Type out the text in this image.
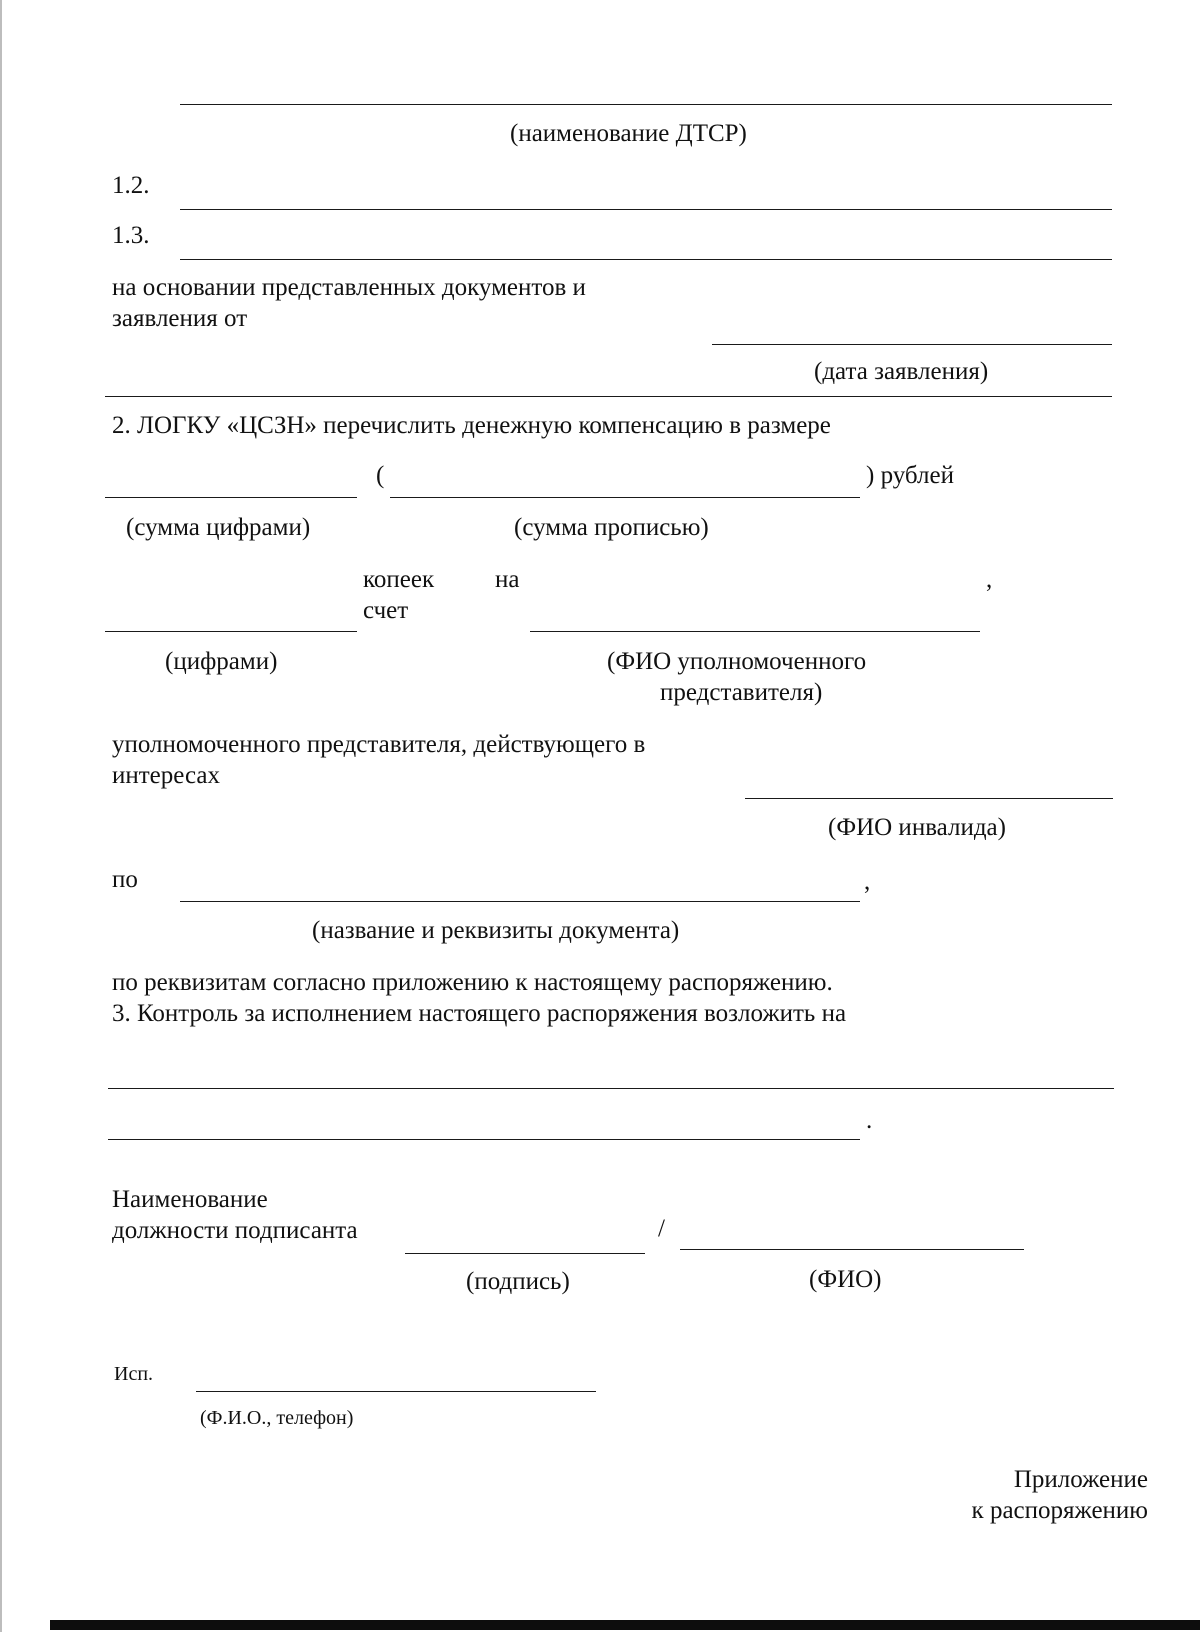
(наименование ДТСР)
1.2.
1.3.
на основании представленных документов и
заявления от
(дата заявления)
2. ЛОГКУ «ЦСЗН» перечислить денежную компенсацию в размере
(	) рублей
(сумма цифрами)	(сумма прописью)
копеек на
счет
,
(цифрами)	(ФИО уполномоченного
представителя)
уполномоченного представителя, действующего в
интересах
(ФИО инвалида)
по	,
(название и реквизиты документа)
по реквизитам согласно приложению к настоящему распоряжению.
3. Контроль за исполнением настоящего распоряжения возложить на
.
Наименование
должности подписанта	/
(подпись)	(ФИО)
Исп.
(Ф.И.О., телефон)
Приложение
к распоряжению
